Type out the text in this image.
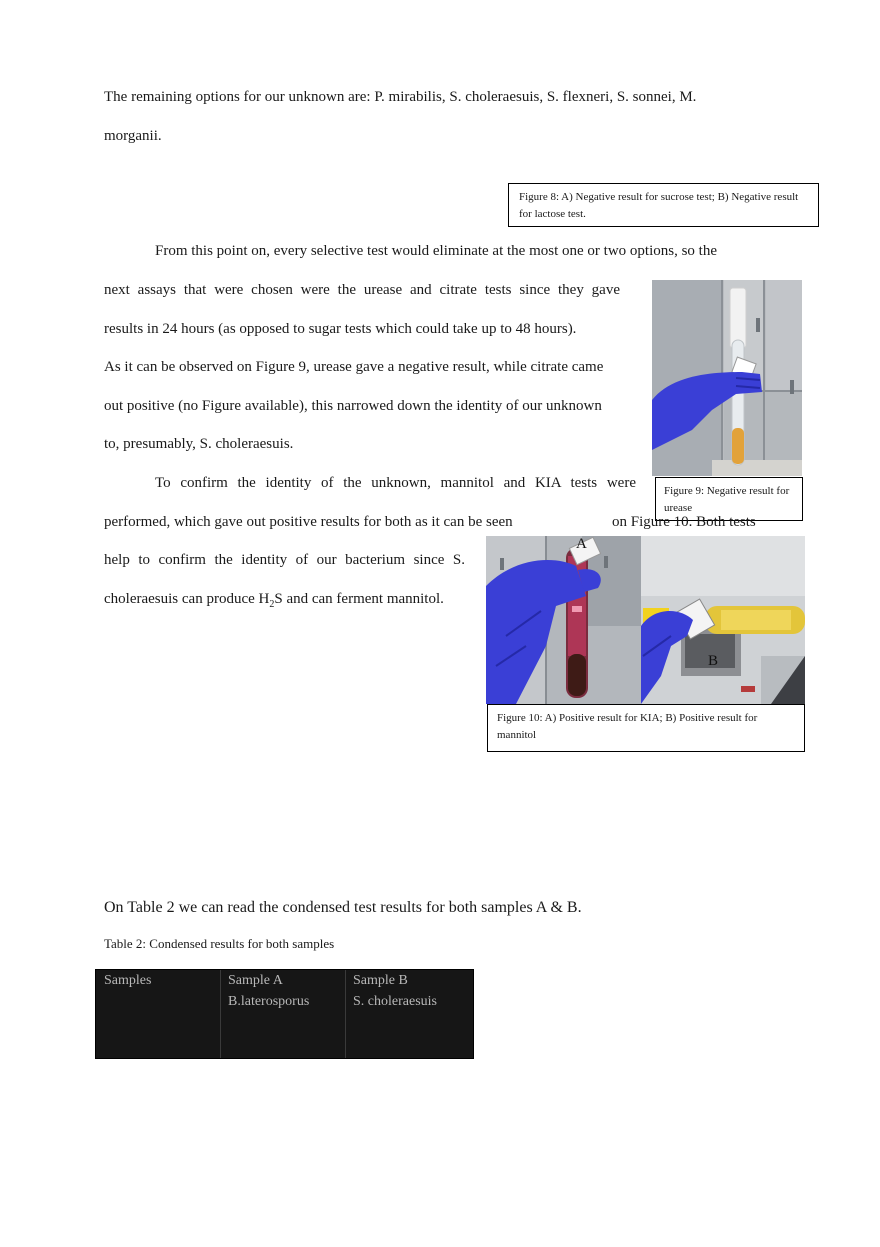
The remaining options for our unknown are: P. mirabilis, S. choleraesuis, S. flexneri, S. sonnei, M.
morganii.
Figure 8: A) Negative result for sucrose test; B) Negative result for lactose test.
From this point on, every selective test would eliminate at the most one or two options, so the
next assays that were chosen were the urease and citrate tests since they gave
results in 24 hours (as opposed to sugar tests which could take up to 48 hours).
As it can be observed on Figure 9, urease gave a negative result, while citrate came
out positive (no Figure available), this narrowed down the identity of our unknown
to, presumably, S. choleraesuis.
Figure 9: Negative result for urease
To confirm the identity of the unknown, mannitol and KIA tests were
performed, which gave out positive results for both as it can be seen	on Figure 10. Both tests
help to confirm the identity of our bacterium since S.
choleraesuis can produce $H_2S$ and can ferment mannitol.
A
B
Figure 10: A) Positive result for KIA; B) Positive result for mannitol
On Table 2 we can read the condensed test results for both samples A & B.
Table 2: Condensed results for both samples
Samples	Sample A
B.laterosporus
Sample B
S. choleraesuis
